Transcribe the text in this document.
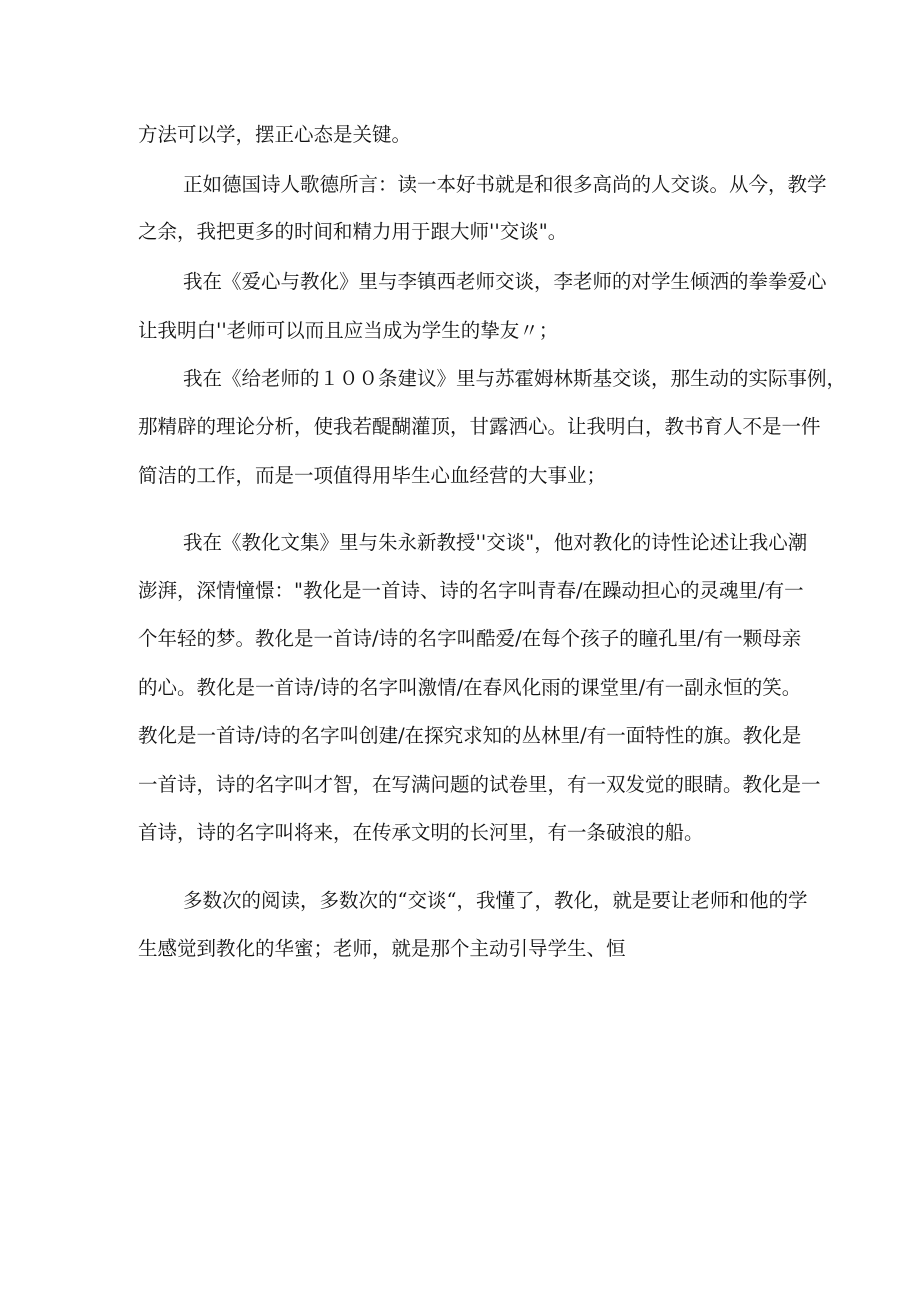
方法可以学，摆正心态是关键。
正如德国诗人歌德所言：读一本好书就是和很多高尚的人交谈。从今，教学
之余，我把更多的时间和精力用于跟大师''交谈"。
我在《爱心与教化》里与李镇西老师交谈，李老师的对学生倾洒的拳拳爱心
让我明白''老师可以而且应当成为学生的挚友〃；
我在《给老师的１００条建议》里与苏霍姆林斯基交谈，那生动的实际事例，
那精辟的理论分析，使我若醍醐灌顶，甘露洒心。让我明白，教书育人不是一件
简洁的工作，而是一项值得用毕生心血经营的大事业；
我在《教化文集》里与朱永新教授''交谈"，他对教化的诗性论述让我心潮
澎湃，深情憧憬："教化是一首诗、诗的名字叫青春/在躁动担心的灵魂里/有一
个年轻的梦。教化是一首诗/诗的名字叫酷爱/在每个孩子的瞳孔里/有一颗母亲
的心。教化是一首诗/诗的名字叫激情/在春风化雨的课堂里/有一副永恒的笑。
教化是一首诗/诗的名字叫创建/在探究求知的丛林里/有一面特性的旗。教化是
一首诗，诗的名字叫才智，在写满问题的试卷里，有一双发觉的眼睛。教化是一
首诗，诗的名字叫将来，在传承文明的长河里，有一条破浪的船。
多数次的阅读，多数次的“交谈“，我懂了，教化，就是要让老师和他的学
生感觉到教化的华蜜；老师，就是那个主动引导学生、恒
